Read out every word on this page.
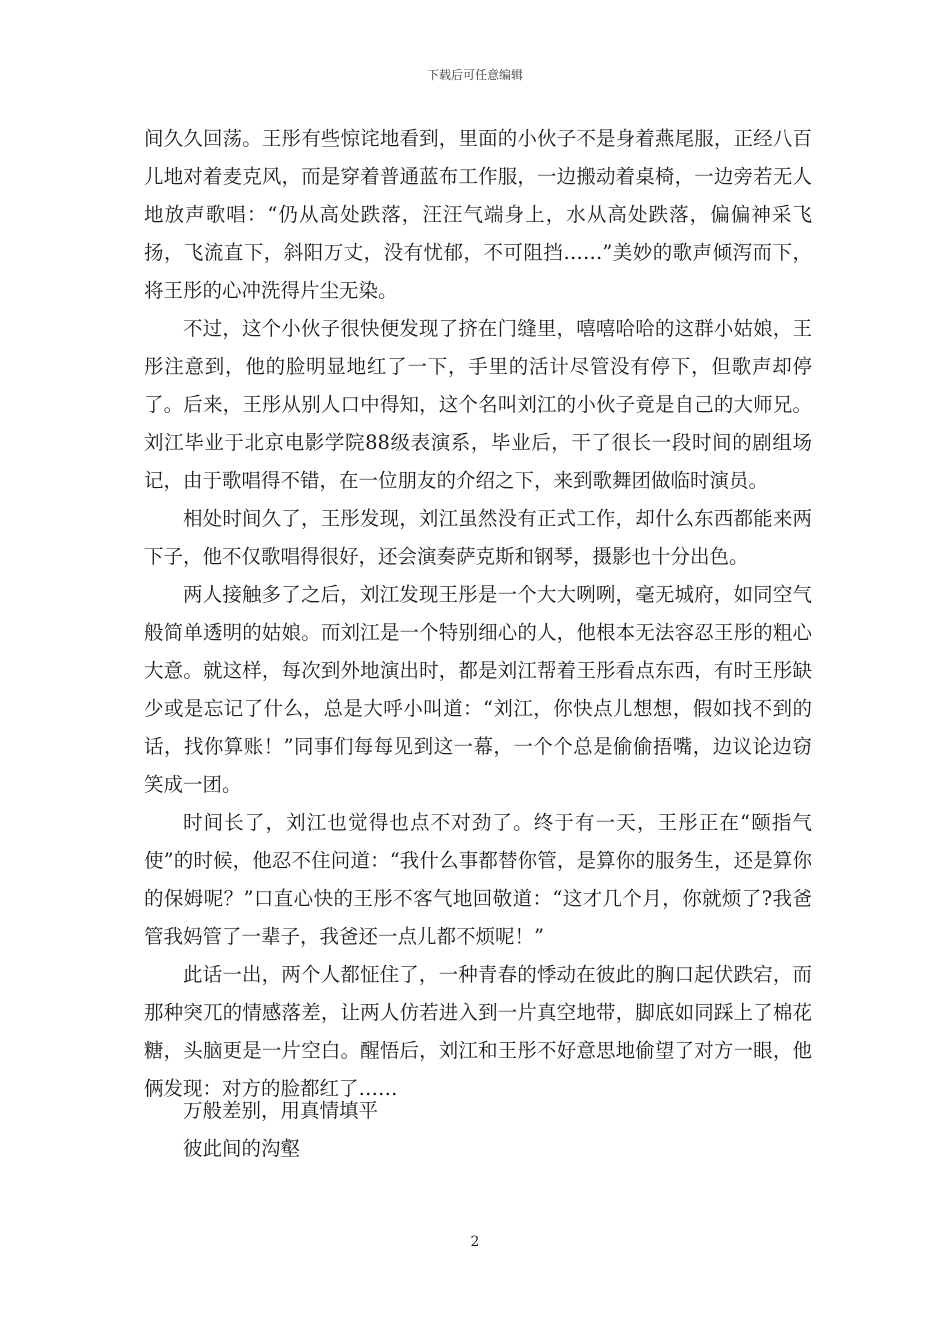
下载后可任意编辑

间久久回荡。王彤有些惊诧地看到，里面的小伙子不是身着燕尾服，正经八百儿地对着麦克风，而是穿着普通蓝布工作服，一边搬动着桌椅，一边旁若无人地放声歌唱：“仍从高处跌落，汪汪气端身上，水从高处跌落，偏偏神采飞扬，飞流直下，斜阳万丈，没有忧郁，不可阻挡……”美妙的歌声倾泻而下，将王彤的心冲洗得片尘无染。

不过，这个小伙子很快便发现了挤在门缝里，嘻嘻哈哈的这群小姑娘，王彤注意到，他的脸明显地红了一下，手里的活计尽管没有停下，但歌声却停了。后来，王彤从别人口中得知，这个名叫刘江的小伙子竟是自己的大师兄。刘江毕业于北京电影学院88级表演系，毕业后，干了很长一段时间的剧组场记，由于歌唱得不错，在一位朋友的介绍之下，来到歌舞团做临时演员。

相处时间久了，王彤发现，刘江虽然没有正式工作，却什么东西都能来两下子，他不仅歌唱得很好，还会演奏萨克斯和钢琴，摄影也十分出色。

两人接触多了之后，刘江发现王彤是一个大大咧咧，毫无城府，如同空气般简单透明的姑娘。而刘江是一个特别细心的人，他根本无法容忍王彤的粗心大意。就这样，每次到外地演出时，都是刘江帮着王彤看点东西，有时王彤缺少或是忘记了什么，总是大呼小叫道：“刘江，你快点儿想想，假如找不到的话，找你算账！”同事们每每见到这一幕，一个个总是偷偷捂嘴，边议论边窃笑成一团。

时间长了，刘江也觉得也点不对劲了。终于有一天，王彤正在“颐指气使”的时候，他忍不住问道：“我什么事都替你管，是算你的服务生，还是算你的保姆呢？”口直心快的王彤不客气地回敬道：“这才几个月，你就烦了?我爸管我妈管了一辈子，我爸还一点儿都不烦呢！”

此话一出，两个人都怔住了，一种青春的悸动在彼此的胸口起伏跌宕，而那种突兀的情感落差，让两人仿若进入到一片真空地带，脚底如同踩上了棉花糖，头脑更是一片空白。醒悟后，刘江和王彤不好意思地偷望了对方一眼，他俩发现：对方的脸都红了……

万般差别，用真情填平

彼此间的沟壑

2
